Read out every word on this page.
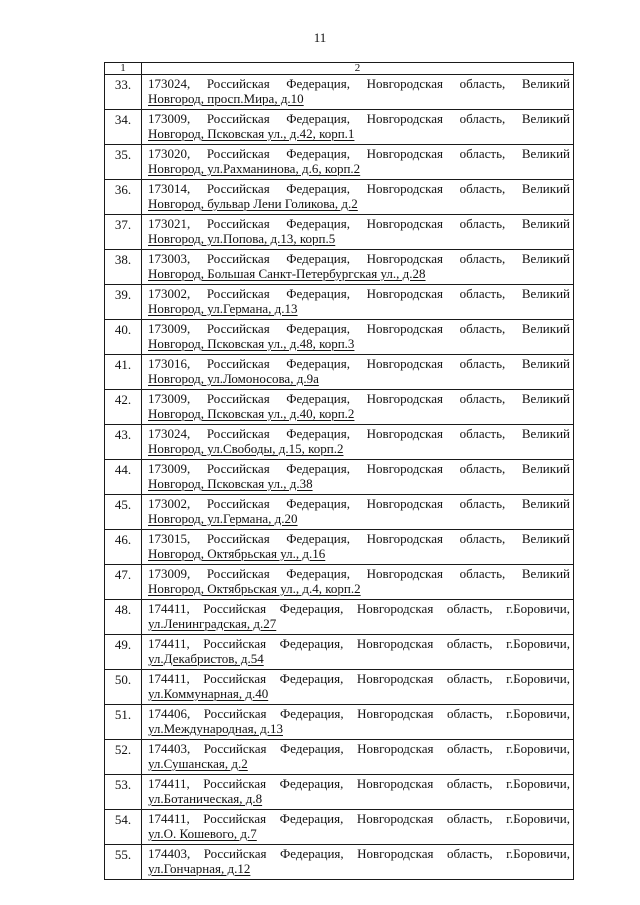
11
1	2
33.	173024, Российская Федерация, Новгородская область, Великий
Новгород, просп.Мира, д.10

34.	173009, Российская Федерация, Новгородская область, Великий
Новгород, Псковская ул., д.42, корп.1

35.	173020, Российская Федерация, Новгородская область, Великий
Новгород, ул.Рахманинова, д.6, корп.2

36.	173014, Российская Федерация, Новгородская область, Великий
Новгород, бульвар Лени Голикова, д.2

37.	173021, Российская Федерация, Новгородская область, Великий
Новгород, ул.Попова, д.13, корп.5

38.	173003, Российская Федерация, Новгородская область, Великий
Новгород, Большая Санкт-Петербургская ул., д.28

39.	173002, Российская Федерация, Новгородская область, Великий
Новгород, ул.Германа, д.13

40.	173009, Российская Федерация, Новгородская область, Великий
Новгород, Псковская ул., д.48, корп.3

41.	173016, Российская Федерация, Новгородская область, Великий
Новгород, ул.Ломоносова, д.9а

42.	173009, Российская Федерация, Новгородская область, Великий
Новгород, Псковская ул., д.40, корп.2

43.	173024, Российская Федерация, Новгородская область, Великий
Новгород, ул.Свободы, д.15, корп.2

44.	173009, Российская Федерация, Новгородская область, Великий
Новгород, Псковская ул., д.38

45.	173002, Российская Федерация, Новгородская область, Великий
Новгород, ул.Германа, д.20

46.	173015, Российская Федерация, Новгородская область, Великий
Новгород, Октябрьская ул., д.16

47.	173009, Российская Федерация, Новгородская область, Великий
Новгород, Октябрьская ул., д.4, корп.2

48.	174411, Российская Федерация, Новгородская область, г.Боровичи,
ул.Ленинградская, д.27

49.	174411, Российская Федерация, Новгородская область, г.Боровичи,
ул.Декабристов, д.54

50.	174411, Российская Федерация, Новгородская область, г.Боровичи,
ул.Коммунарная, д.40

51.	174406, Российская Федерация, Новгородская область, г.Боровичи,
ул.Международная, д.13

52.	174403, Российская Федерация, Новгородская область, г.Боровичи,
ул.Сушанская, д.2

53.	174411, Российская Федерация, Новгородская область, г.Боровичи,
ул.Ботаническая, д.8

54.	174411, Российская Федерация, Новгородская область, г.Боровичи,
ул.О. Кошевого, д.7

55.	174403, Российская Федерация, Новгородская область, г.Боровичи,
ул.Гончарная, д.12
